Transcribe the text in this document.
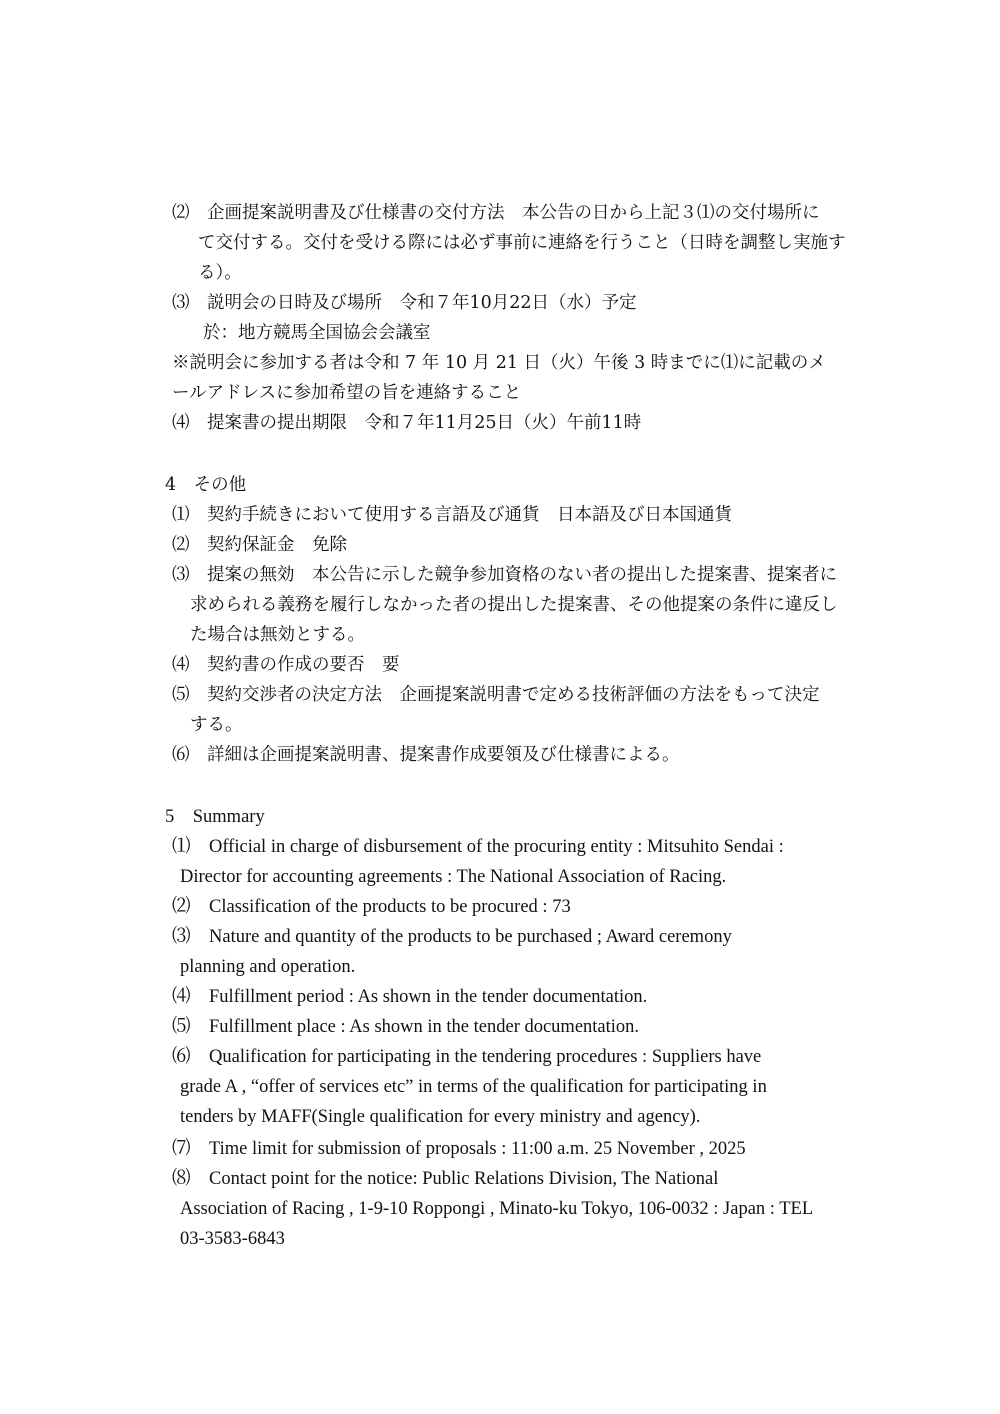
⑵　企画提案説明書及び仕様書の交付方法　本公告の日から上記３⑴の交付場所に
て交付する。交付を受ける際には必ず事前に連絡を行うこと（日時を調整し実施す
る）。
⑶　説明会の日時及び場所　令和７年10月22日（水）予定
於：地方競馬全国協会会議室
※説明会に参加する者は令和 7 年 10 月 21 日（火）午後 3 時までに⑴に記載のメ
ールアドレスに参加希望の旨を連絡すること
⑷　提案書の提出期限　令和７年11月25日（火）午前11時
4　その他
⑴　契約手続きにおいて使用する言語及び通貨　日本語及び日本国通貨
⑵　契約保証金　免除
⑶　提案の無効　本公告に示した競争参加資格のない者の提出した提案書、提案者に
求められる義務を履行しなかった者の提出した提案書、その他提案の条件に違反し
た場合は無効とする。
⑷　契約書の作成の要否　要
⑸　契約交渉者の決定方法　企画提案説明書で定める技術評価の方法をもって決定
する。
⑹　詳細は企画提案説明書、提案書作成要領及び仕様書による。
5　Summary
⑴　Official in charge of disbursement of the procuring entity : Mitsuhito Sendai :
Director for accounting agreements : The National Association of Racing.
⑵　Classification of the products to be procured : 73
⑶　Nature and quantity of the products to be purchased ; Award ceremony
planning and operation.
⑷　Fulfillment period : As shown in the tender documentation.
⑸　Fulfillment place : As shown in the tender documentation.
⑹　Qualification for participating in the tendering procedures : Suppliers have
grade A , “offer of services etc” in terms of the qualification for participating in
tenders by MAFF(Single qualification for every ministry and agency).
⑺　Time limit for submission of proposals : 11:00 a.m. 25 November , 2025
⑻　Contact point for the notice: Public Relations Division, The National
Association of Racing , 1-9-10 Roppongi , Minato-ku Tokyo, 106-0032 : Japan : TEL
03-3583-6843
